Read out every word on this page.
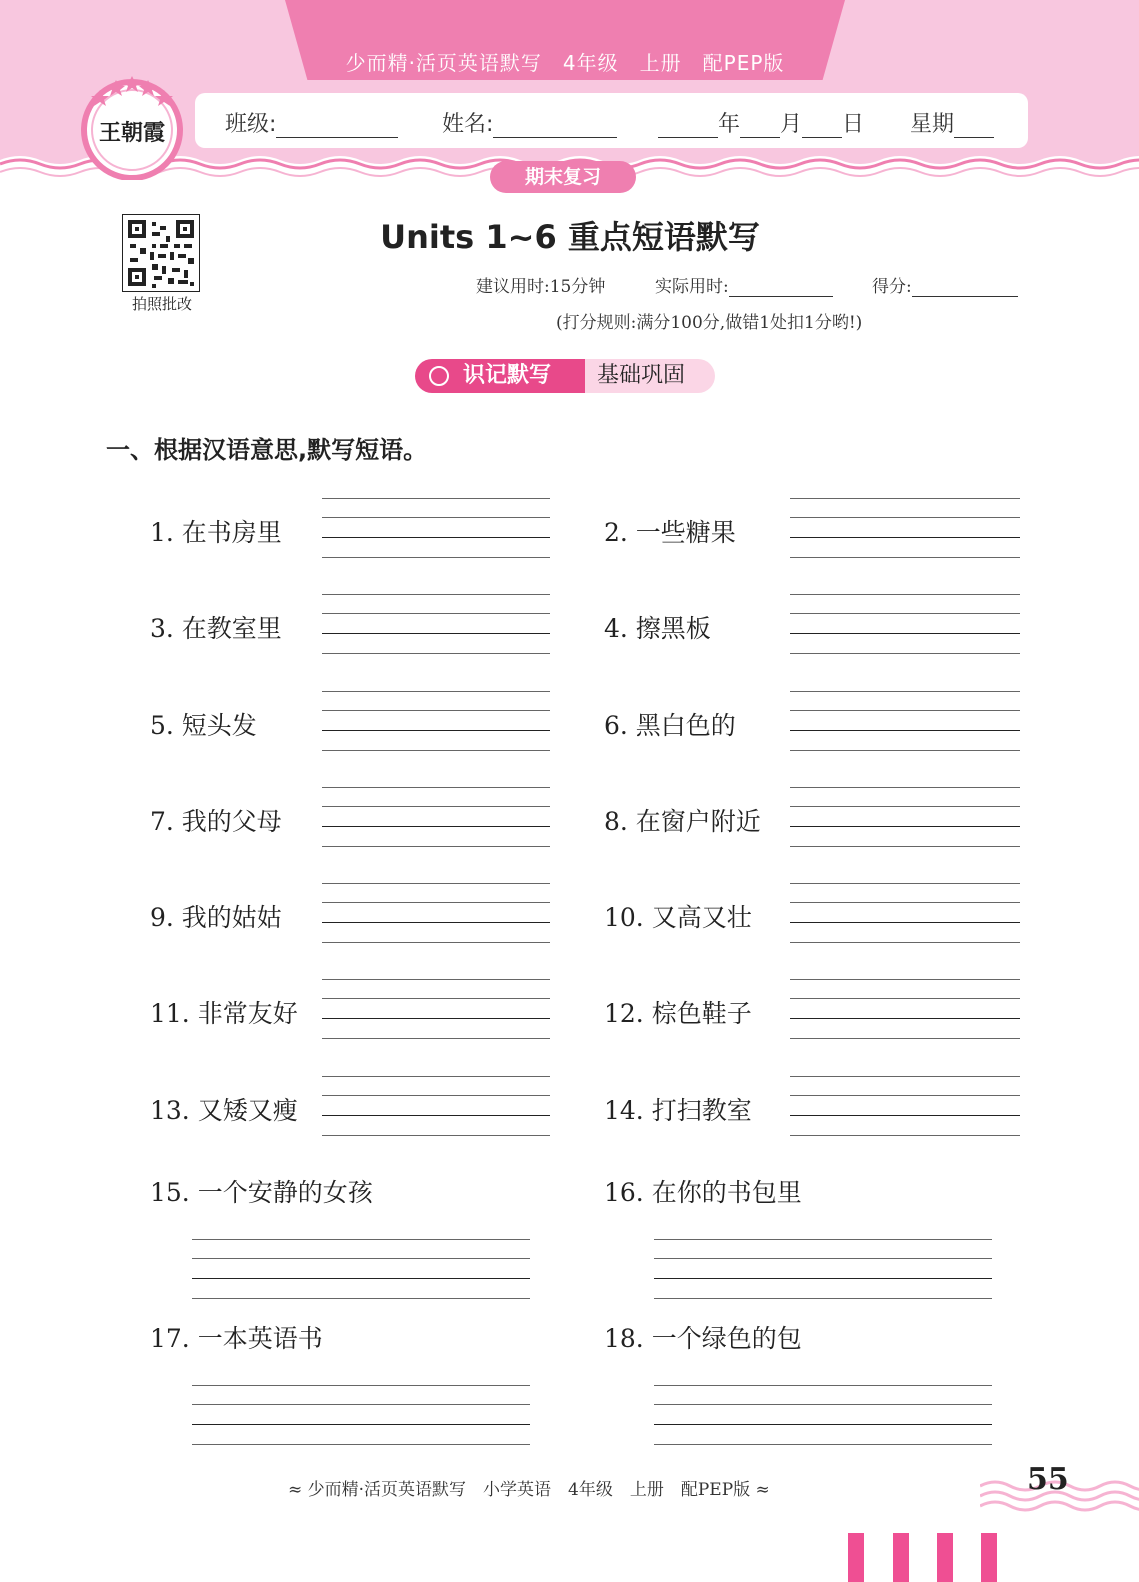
少而精·活页英语默写　4年级　上册　配PEP版
班级:	姓名:	年 月 日 星期
期末复习
王朝霞
拍照批改
Units 1~6 重点短语默写
建议用时:15分钟	实际用时:	得分:
(打分规则:满分100分,做错1处扣1分哟!)
识记默写	基础巩固
一、根据汉语意思,默写短语。
1. 在书房里	2. 一些糖果
3. 在教室里	4. 擦黑板
5. 短头发	6. 黑白色的
7. 我的父母	8. 在窗户附近
9. 我的姑姑	10. 又高又壮
11. 非常友好	12. 棕色鞋子
13. 又矮又瘦	14. 打扫教室
15. 一个安静的女孩	16. 在你的书包里
17. 一本英语书	18. 一个绿色的包
≈ 少而精·活页英语默写　小学英语　4年级　上册　配PEP版 ≈	55
